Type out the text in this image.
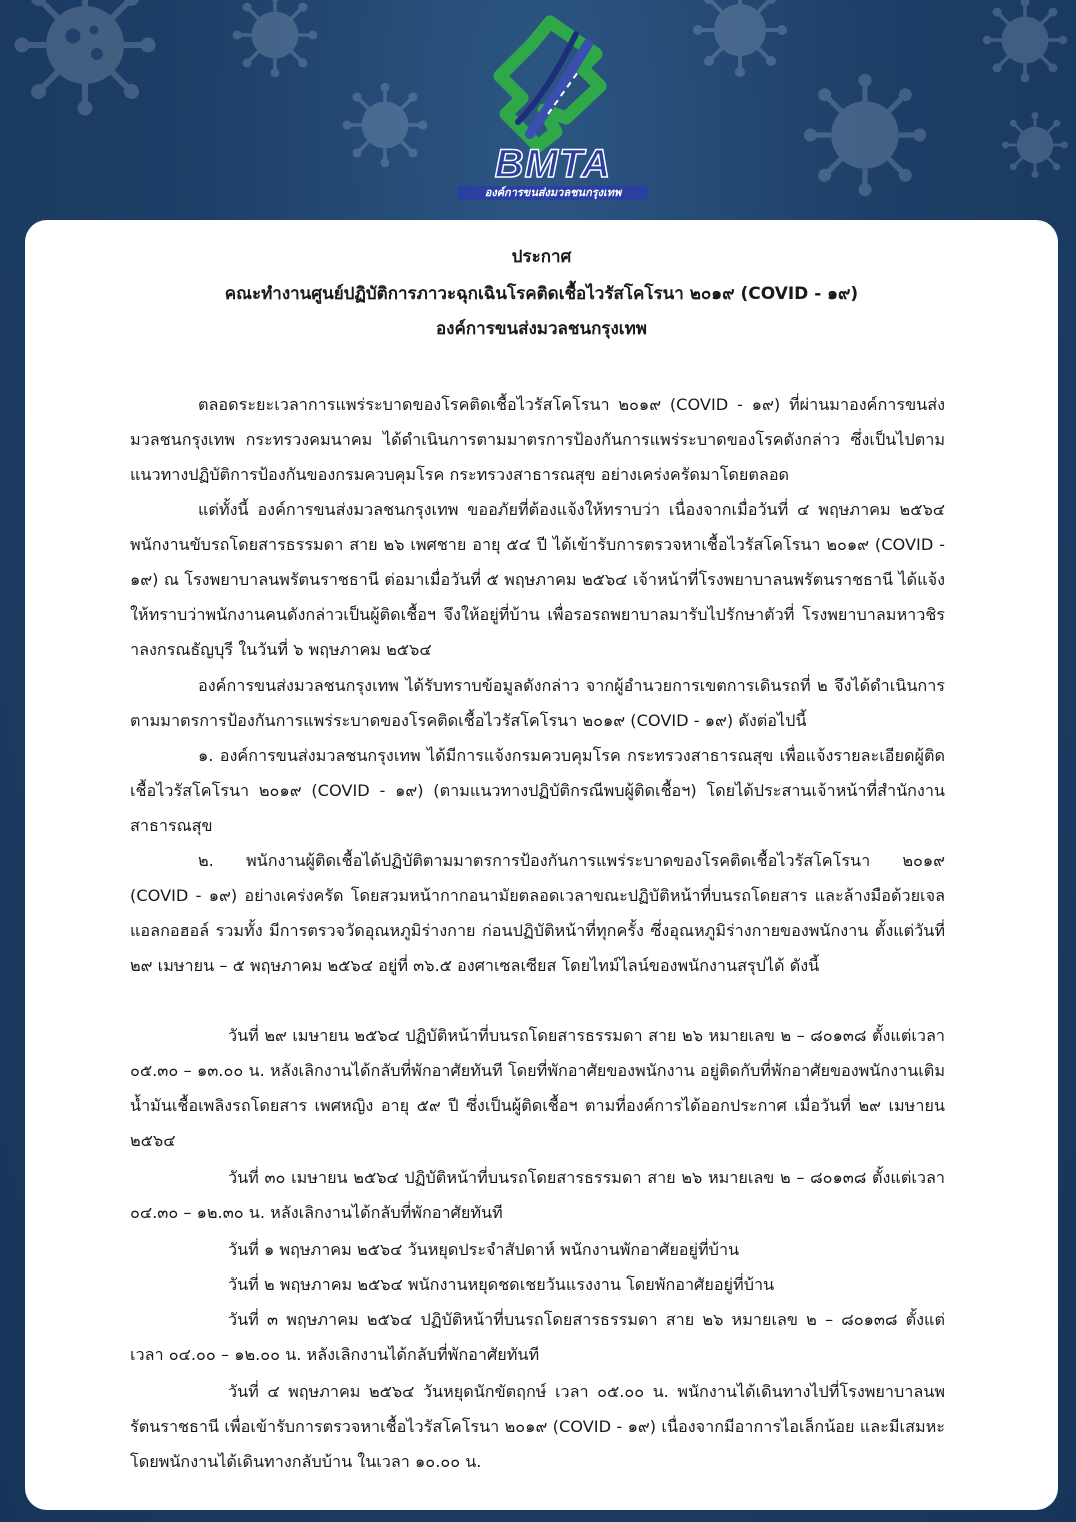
BMTA
องค์การขนส่งมวลชนกรุงเทพ
ประกาศ
คณะทำงานศูนย์ปฏิบัติการภาวะฉุกเฉินโรคติดเชื้อไวรัสโคโรนา ๒๐๑๙ (COVID - ๑๙)
องค์การขนส่งมวลชนกรุงเทพ
ตลอดระยะเวลาการแพร่ระบาดของโรคติดเชื้อไวรัสโคโรนา ๒๐๑๙ (COVID - ๑๙) ที่ผ่านมาองค์การขนส่งมวลชนกรุงเทพ กระทรวงคมนาคม ได้ดำเนินการตามมาตรการป้องกันการแพร่ระบาดของโรคดังกล่าว ซึ่งเป็นไปตามแนวทางปฏิบัติการป้องกันของกรมควบคุมโรค กระทรวงสาธารณสุข อย่างเคร่งครัดมาโดยตลอด
แต่ทั้งนี้ องค์การขนส่งมวลชนกรุงเทพ ขออภัยที่ต้องแจ้งให้ทราบว่า เนื่องจากเมื่อวันที่ ๔ พฤษภาคม ๒๕๖๔ พนักงานขับรถโดยสารธรรมดา สาย ๒๖ เพศชาย อายุ ๕๔ ปี ได้เข้ารับการตรวจหาเชื้อไวรัสโคโรนา ๒๐๑๙ (COVID - ๑๙) ณ โรงพยาบาลนพรัตนราชธานี ต่อมาเมื่อวันที่ ๕ พฤษภาคม ๒๕๖๔ เจ้าหน้าที่โรงพยาบาลนพรัตนราชธานี ได้แจ้งให้ทราบว่าพนักงานคนดังกล่าวเป็นผู้ติดเชื้อฯ จึงให้อยู่ที่บ้าน เพื่อรอรถพยาบาลมารับไปรักษาตัวที่ โรงพยาบาลมหาวชิราลงกรณธัญบุรี ในวันที่ ๖ พฤษภาคม ๒๕๖๔
องค์การขนส่งมวลชนกรุงเทพ ได้รับทราบข้อมูลดังกล่าว จากผู้อำนวยการเขตการเดินรถที่ ๒ จึงได้ดำเนินการตามมาตรการป้องกันการแพร่ระบาดของโรคติดเชื้อไวรัสโคโรนา ๒๐๑๙ (COVID - ๑๙) ดังต่อไปนี้
๑. องค์การขนส่งมวลชนกรุงเทพ ได้มีการแจ้งกรมควบคุมโรค กระทรวงสาธารณสุข เพื่อแจ้งรายละเอียดผู้ติดเชื้อไวรัสโคโรนา ๒๐๑๙ (COVID - ๑๙) (ตามแนวทางปฏิบัติกรณีพบผู้ติดเชื้อฯ) โดยได้ประสานเจ้าหน้าที่สำนักงานสาธารณสุข
๒. พนักงานผู้ติดเชื้อได้ปฏิบัติตามมาตรการป้องกันการแพร่ระบาดของโรคติดเชื้อไวรัสโคโรนา ๒๐๑๙ (COVID - ๑๙) อย่างเคร่งครัด โดยสวมหน้ากากอนามัยตลอดเวลาขณะปฏิบัติหน้าที่บนรถโดยสาร และล้างมือด้วยเจลแอลกอฮอล์ รวมทั้ง มีการตรวจวัดอุณหภูมิร่างกาย ก่อนปฏิบัติหน้าที่ทุกครั้ง ซึ่งอุณหภูมิร่างกายของพนักงาน ตั้งแต่วันที่ ๒๙ เมษายน – ๕ พฤษภาคม ๒๕๖๔ อยู่ที่ ๓๖.๕ องศาเซลเซียส โดยไทม์ไลน์ของพนักงานสรุปได้ ดังนี้
วันที่ ๒๙ เมษายน ๒๕๖๔ ปฏิบัติหน้าที่บนรถโดยสารธรรมดา สาย ๒๖ หมายเลข ๒ – ๘๐๑๓๘ ตั้งแต่เวลา ๐๕.๓๐ – ๑๓.๐๐ น. หลังเลิกงานได้กลับที่พักอาศัยทันที โดยที่พักอาศัยของพนักงาน อยู่ติดกับที่พักอาศัยของพนักงานเติมน้ำมันเชื้อเพลิงรถโดยสาร เพศหญิง อายุ ๕๙ ปี ซึ่งเป็นผู้ติดเชื้อฯ ตามที่องค์การได้ออกประกาศ เมื่อวันที่ ๒๙ เมษายน ๒๕๖๔
วันที่ ๓๐ เมษายน ๒๕๖๔ ปฏิบัติหน้าที่บนรถโดยสารธรรมดา สาย ๒๖ หมายเลข ๒ – ๘๐๑๓๘ ตั้งแต่เวลา ๐๔.๓๐ – ๑๒.๓๐ น. หลังเลิกงานได้กลับที่พักอาศัยทันที
วันที่ ๑ พฤษภาคม ๒๕๖๔ วันหยุดประจำสัปดาห์ พนักงานพักอาศัยอยู่ที่บ้าน
วันที่ ๒ พฤษภาคม ๒๕๖๔ พนักงานหยุดชดเชยวันแรงงาน โดยพักอาศัยอยู่ที่บ้าน
วันที่ ๓ พฤษภาคม ๒๕๖๔ ปฏิบัติหน้าที่บนรถโดยสารธรรมดา สาย ๒๖ หมายเลข ๒ – ๘๐๑๓๘ ตั้งแต่เวลา ๐๔.๐๐ – ๑๒.๐๐ น. หลังเลิกงานได้กลับที่พักอาศัยทันที
วันที่ ๔ พฤษภาคม ๒๕๖๔ วันหยุดนักขัตฤกษ์ เวลา ๐๕.๐๐ น. พนักงานได้เดินทางไปที่โรงพยาบาลนพรัตนราชธานี เพื่อเข้ารับการตรวจหาเชื้อไวรัสโคโรนา ๒๐๑๙ (COVID - ๑๙) เนื่องจากมีอาการไอเล็กน้อย และมีเสมหะ โดยพนักงานได้เดินทางกลับบ้าน ในเวลา ๑๐.๐๐ น.
